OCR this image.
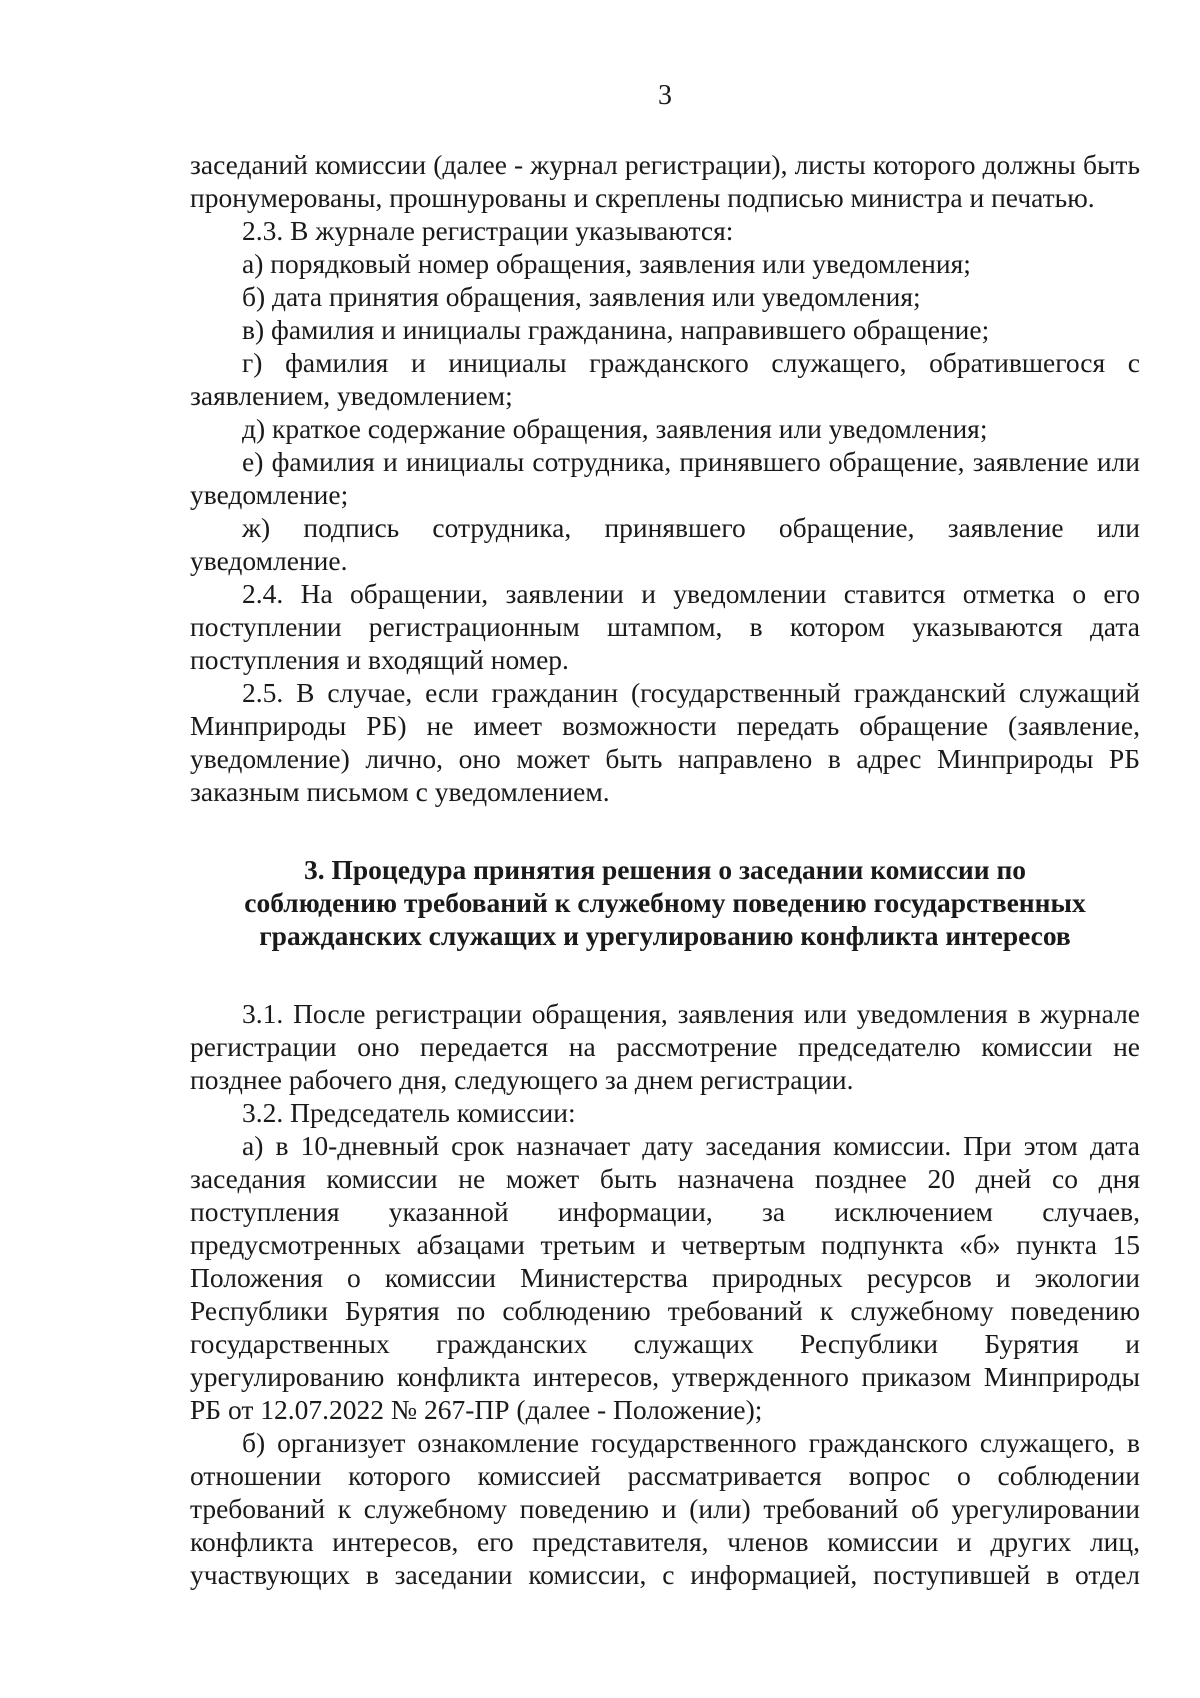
3

заседаний комиссии (далее - журнал регистрации), листы которого должны быть пронумерованы, прошнурованы и скреплены подписью министра и печатью.

2.3. В журнале регистрации указываются:

а) порядковый номер обращения, заявления или уведомления;

б) дата принятия обращения, заявления или уведомления;

в) фамилия и инициалы гражданина, направившего обращение;

г) фамилия и инициалы гражданского служащего, обратившегося с заявлением, уведомлением;

д) краткое содержание обращения, заявления или уведомления;

е) фамилия и инициалы сотрудника, принявшего обращение, заявление или уведомление;

ж) подпись сотрудника, принявшего обращение, заявление или уведомление.

2.4. На обращении, заявлении и уведомлении ставится отметка о его поступлении регистрационным штампом, в котором указываются дата поступления и входящий номер.

2.5. В случае, если гражданин (государственный гражданский служащий Минприроды РБ) не имеет возможности передать обращение (заявление, уведомление) лично, оно может быть направлено в адрес Минприроды РБ заказным письмом с уведомлением.

3. Процедура принятия решения о заседании комиссии по
соблюдению требований к служебному поведению государственных
гражданских служащих и урегулированию конфликта интересов

3.1. После регистрации обращения, заявления или уведомления в журнале регистрации оно передается на рассмотрение председателю комиссии не позднее рабочего дня, следующего за днем регистрации.

3.2. Председатель комиссии:

а) в 10-дневный срок назначает дату заседания комиссии. При этом дата заседания комиссии не может быть назначена позднее 20 дней со дня поступления указанной информации, за исключением случаев, предусмотренных абзацами третьим и четвертым подпункта «б» пункта 15 Положения о комиссии Министерства природных ресурсов и экологии Республики Бурятия по соблюдению требований к служебному поведению государственных гражданских служащих Республики Бурятия и урегулированию конфликта интересов, утвержденного приказом Минприроды РБ от 12.07.2022 № 267-ПР (далее - Положение);

б) организует ознакомление государственного гражданского служащего, в отношении которого комиссией рассматривается вопрос о соблюдении требований к служебному поведению и (или) требований об урегулировании конфликта интересов, его представителя, членов комиссии и других лиц, участвующих в заседании комиссии, с информацией, поступившей в отдел
